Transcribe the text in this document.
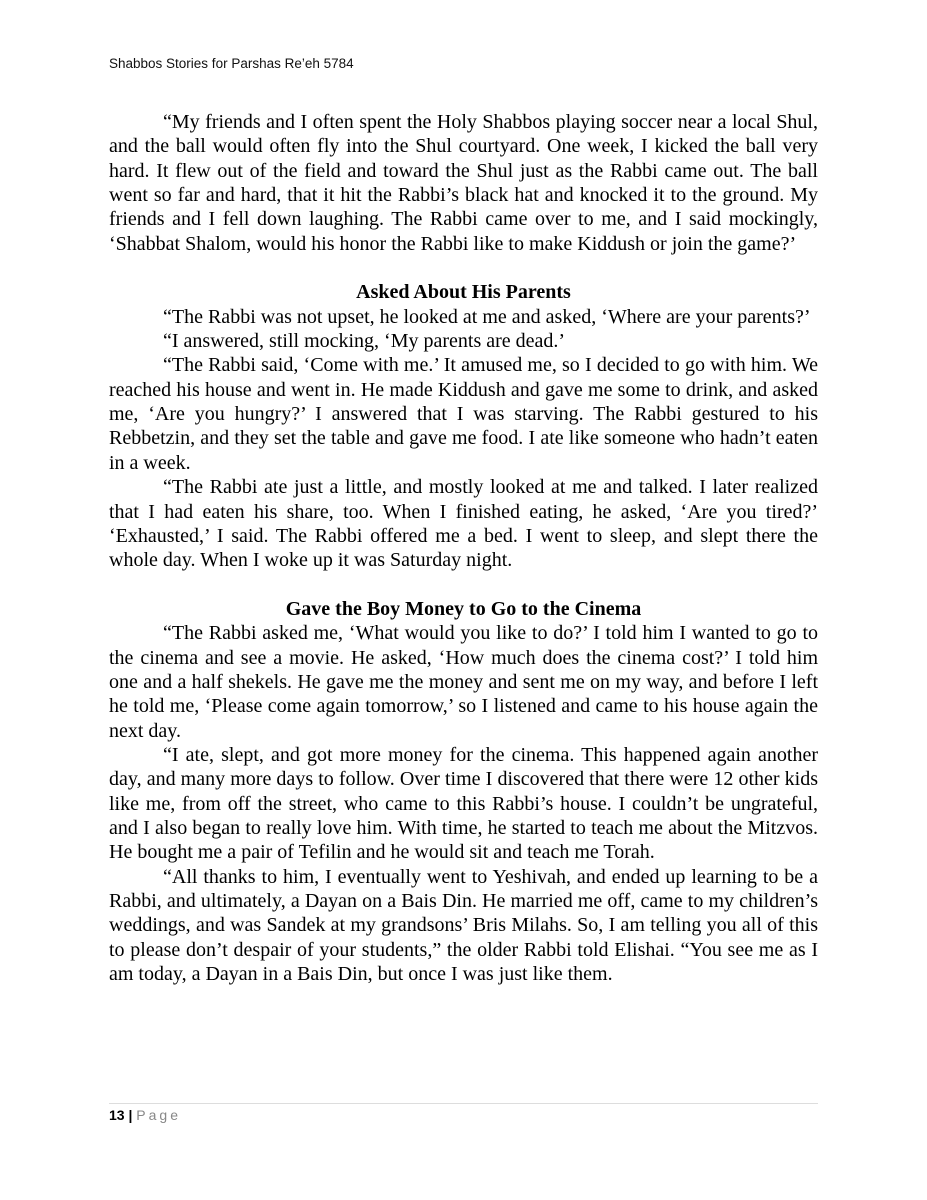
Shabbos Stories for Parshas Re’eh 5784

“My friends and I often spent the Holy Shabbos playing soccer near a local Shul, and the ball would often fly into the Shul courtyard. One week, I kicked the ball very hard. It flew out of the field and toward the Shul just as the Rabbi came out. The ball went so far and hard, that it hit the Rabbi’s black hat and knocked it to the ground. My friends and I fell down laughing. The Rabbi came over to me, and I said mockingly, ‘Shabbat Shalom, would his honor the Rabbi like to make Kiddush or join the game?’

Asked About His Parents

“The Rabbi was not upset, he looked at me and asked, ‘Where are your parents?’

“I answered, still mocking, ‘My parents are dead.’

“The Rabbi said, ‘Come with me.’ It amused me, so I decided to go with him. We reached his house and went in. He made Kiddush and gave me some to drink, and asked me, ‘Are you hungry?’ I answered that I was starving. The Rabbi gestured to his Rebbetzin, and they set the table and gave me food. I ate like someone who hadn’t eaten in a week.

“The Rabbi ate just a little, and mostly looked at me and talked. I later realized that I had eaten his share, too. When I finished eating, he asked, ‘Are you tired?’ ‘Exhausted,’ I said. The Rabbi offered me a bed. I went to sleep, and slept there the whole day. When I woke up it was Saturday night.

Gave the Boy Money to Go to the Cinema

“The Rabbi asked me, ‘What would you like to do?’ I told him I wanted to go to the cinema and see a movie. He asked, ‘How much does the cinema cost?’ I told him one and a half shekels. He gave me the money and sent me on my way, and before I left he told me, ‘Please come again tomorrow,’ so I listened and came to his house again the next day.

“I ate, slept, and got more money for the cinema. This happened again another day, and many more days to follow. Over time I discovered that there were 12 other kids like me, from off the street, who came to this Rabbi’s house. I couldn’t be ungrateful, and I also began to really love him. With time, he started to teach me about the Mitzvos. He bought me a pair of Tefilin and he would sit and teach me Torah.

“All thanks to him, I eventually went to Yeshivah, and ended up learning to be a Rabbi, and ultimately, a Dayan on a Bais Din. He married me off, came to my children’s weddings, and was Sandek at my grandsons’ Bris Milahs. So, I am telling you all of this to please don’t despair of your students,” the older Rabbi told Elishai. “You see me as I am today, a Dayan in a Bais Din, but once I was just like them.

13 | Page
